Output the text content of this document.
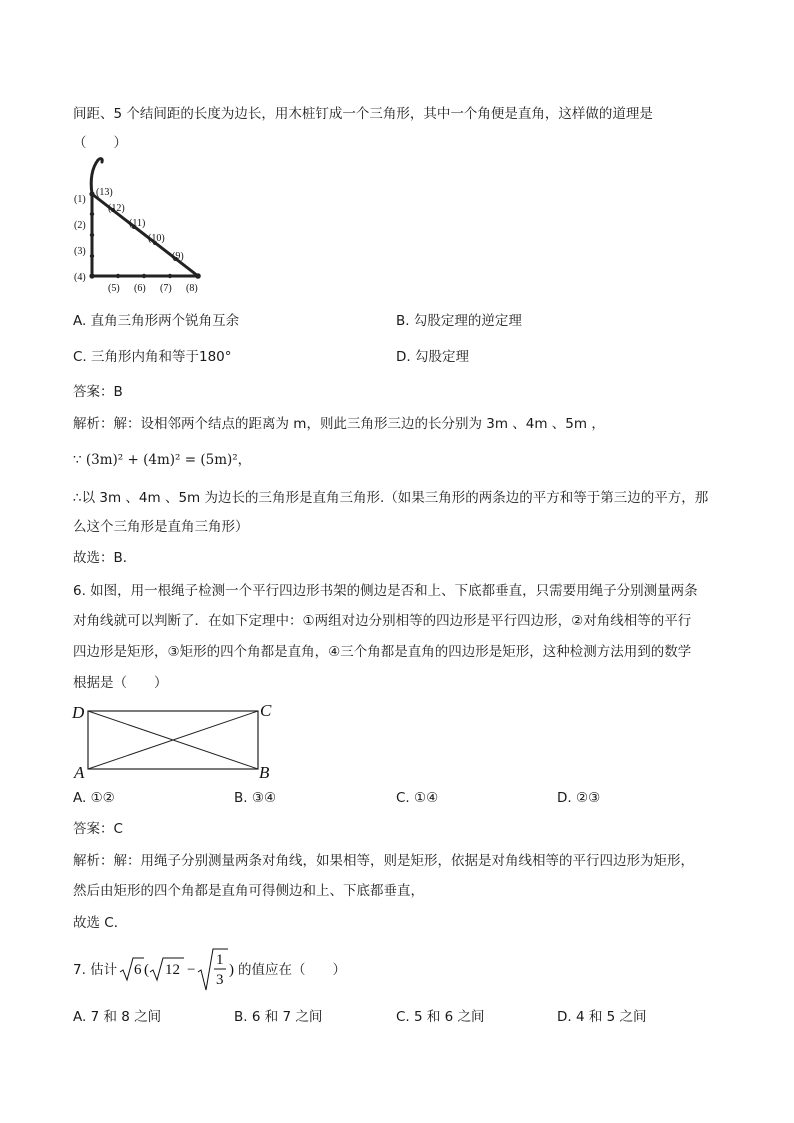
间距、5 个结间距的长度为边长，用木桩钉成一个三角形，其中一个角便是直角，这样做的道理是
（　　）
(1)
(2)
(3)
(4)
(5) (6) (7) (8)
(13)
(12)
(11)
(10)
(9)
A. 直角三角形两个锐角互余	B. 勾股定理的逆定理
C. 三角形内角和等于180°	D. 勾股定理
答案：B
解析：解：设相邻两个结点的距离为 m，则此三角形三边的长分别为 3m 、4m 、5m ，
∵ (3m)² + (4m)² = (5m)²，
∴以 3m 、4m 、5m 为边长的三角形是直角三角形.（如果三角形的两条边的平方和等于第三边的平方，那
么这个三角形是直角三角形）
故选：B．
6. 如图，用一根绳子检测一个平行四边形书架的侧边是否和上、下底都垂直，只需要用绳子分别测量两条
对角线就可以判断了．在如下定理中：①两组对边分别相等的四边形是平行四边形，②对角线相等的平行
四边形是矩形，③矩形的四个角都是直角，④三个角都是直角的四边形是矩形，这种检测方法用到的数学
根据是（　　）
D	C
A	B
A. ①②	B. ③④	C. ①④	D. ②③
答案：C
解析：解：用绳子分别测量两条对角线，如果相等，则是矩形，依据是对角线相等的平行四边形为矩形，
然后由矩形的四个角都是直角可得侧边和上、下底都垂直，
故选 C．
7. 估计 6 ( 12 −
1
3
) 的值应在（　　）
A. 7 和 8 之间	B. 6 和 7 之间	C. 5 和 6 之间	D. 4 和 5 之间
